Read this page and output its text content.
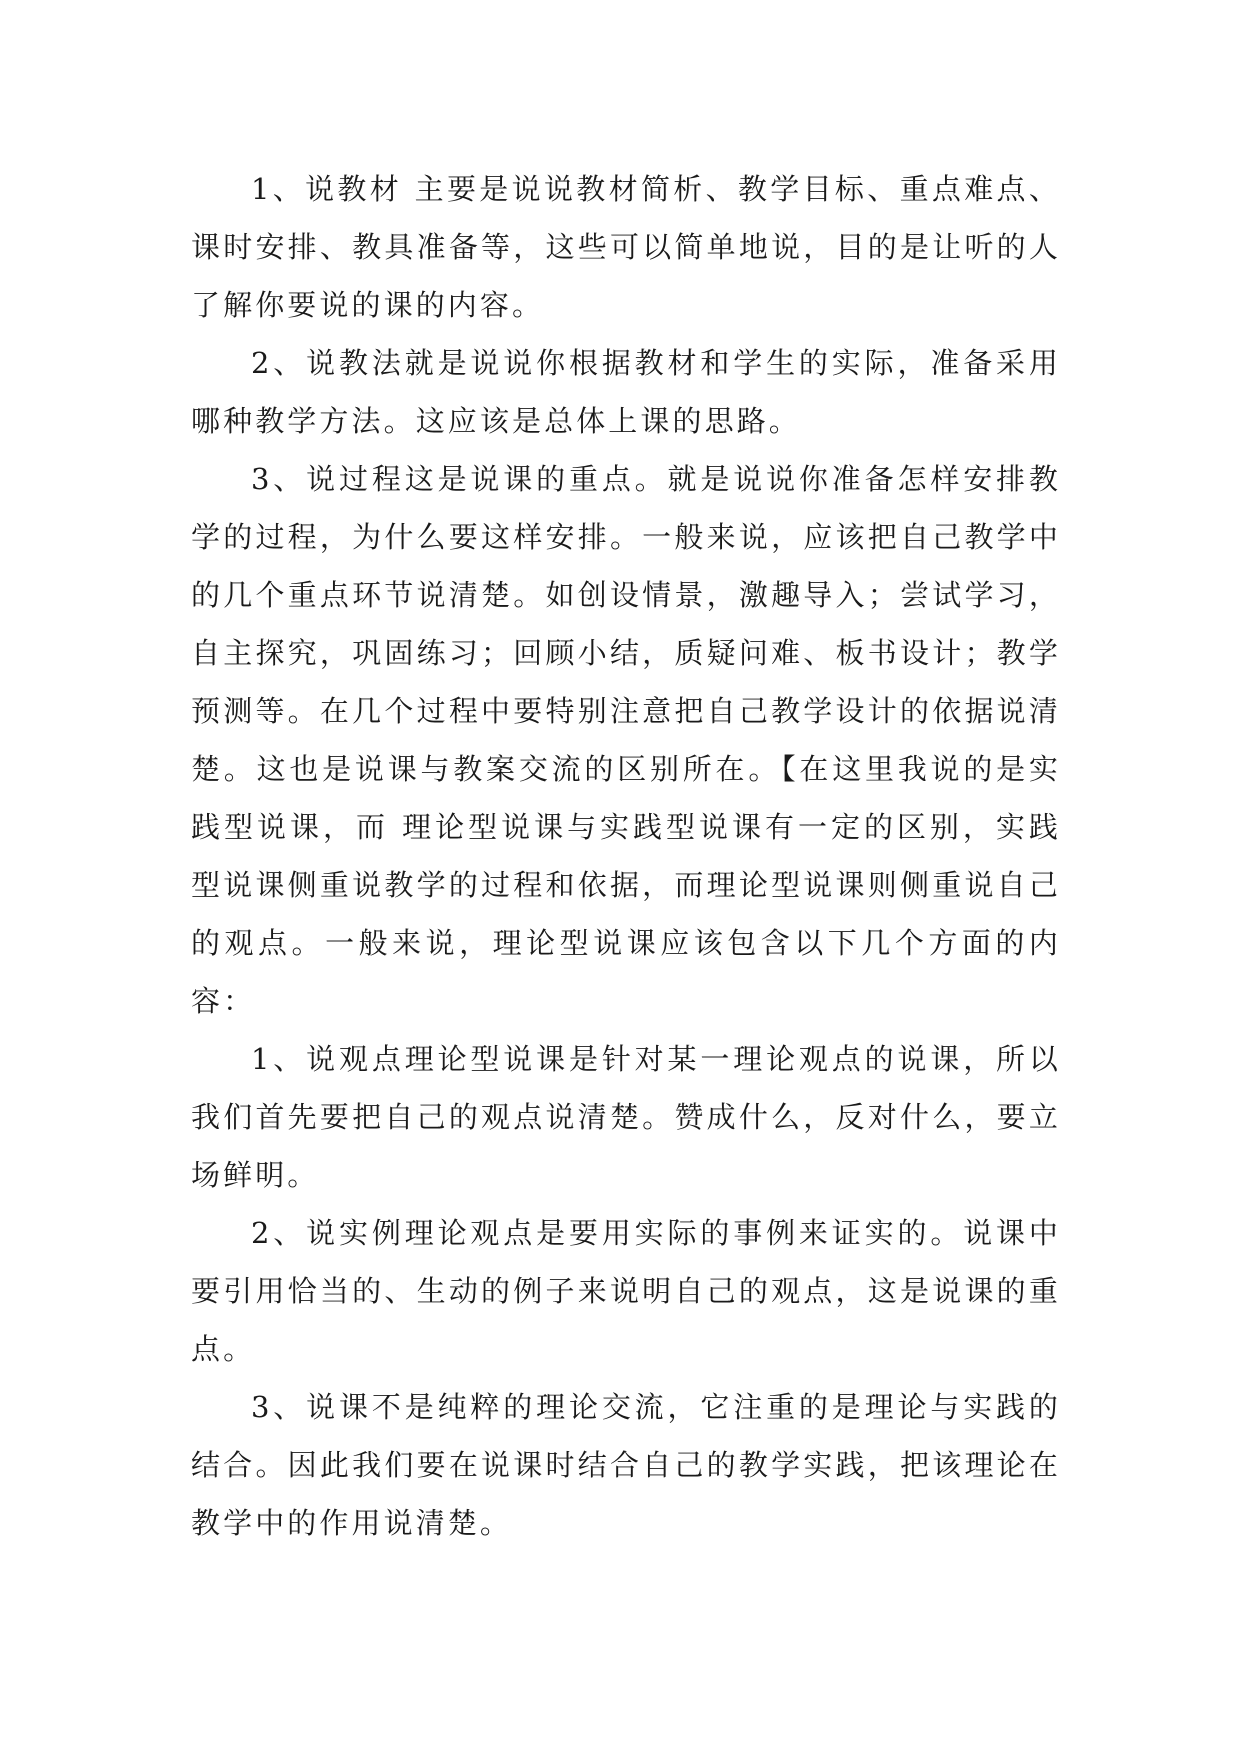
1、说教材 主要是说说教材简析、教学目标、重点难点、课时安排、教具准备等，这些可以简单地说，目的是让听的人了解你要说的课的内容。

2、说教法就是说说你根据教材和学生的实际，准备采用哪种教学方法。这应该是总体上课的思路。

3、说过程这是说课的重点。就是说说你准备怎样安排教学的过程，为什么要这样安排。一般来说，应该把自己教学中的几个重点环节说清楚。如创设情景，激趣导入；尝试学习，自主探究，巩固练习；回顾小结，质疑问难、板书设计；教学预测等。在几个过程中要特别注意把自己教学设计的依据说清楚。这也是说课与教案交流的区别所在。【在这里我说的是实践型说课，而 理论型说课与实践型说课有一定的区别，实践型说课侧重说教学的过程和依据，而理论型说课则侧重说自己的观点。一般来说，理论型说课应该包含以下几个方面的内容：

1、说观点理论型说课是针对某一理论观点的说课，所以我们首先要把自己的观点说清楚。赞成什么，反对什么，要立场鲜明。

2、说实例理论观点是要用实际的事例来证实的。说课中要引用恰当的、生动的例子来说明自己的观点，这是说课的重点。

3、说课不是纯粹的理论交流，它注重的是理论与实践的结合。因此我们要在说课时结合自己的教学实践，把该理论在教学中的作用说清楚。
